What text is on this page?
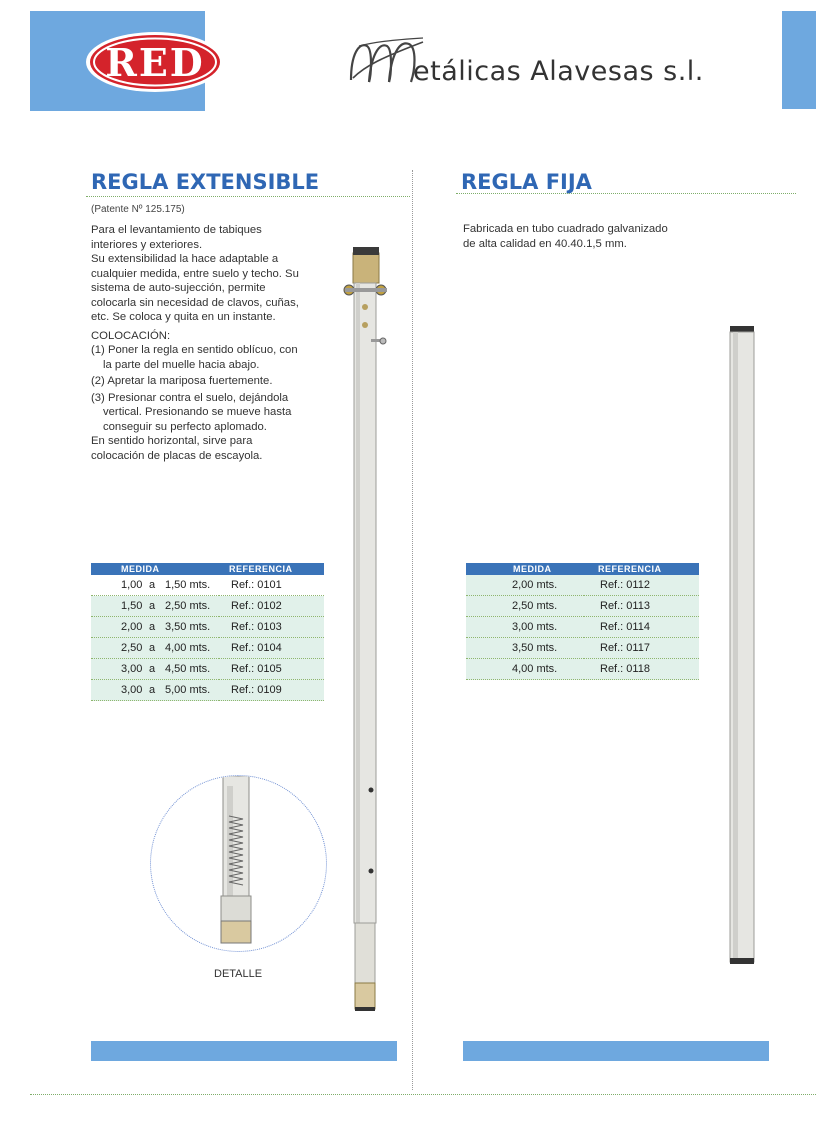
RED	etálicas Alavesas s.l.
REGLA EXTENSIBLE
(Patente Nº 125.175)

Para el levantamiento de tabiques interiores y exteriores.

Su extensibilidad la hace adaptable a cualquier medida, entre suelo y techo. Su sistema de auto-sujección, permite colocarla sin necesidad de clavos, cuñas, etc. Se coloca y quita en un instante.

COLOCACIÓN:

(1) Poner la regla en sentido oblícuo, con la parte del muelle hacia abajo.

(2) Apretar la mariposa fuertemente.

(3) Presionar contra el suelo, dejándola vertical. Presionando se mueve hasta conseguir su perfecto aplomado.

En sentido horizontal, sirve para colocación de placas de escayola.

MEDIDA	REFERENCIA
1,00 a 1,50 mts.	Ref.: 0101
1,50 a 2,50 mts.	Ref.: 0102
2,00 a 3,50 mts.	Ref.: 0103
2,50 a 4,00 mts.	Ref.: 0104
3,00 a 4,50 mts.	Ref.: 0105
3,00 a 5,00 mts.	Ref.: 0109
DETALLE
REGLA FIJA
Fabricada en tubo cuadrado galvanizado de alta calidad en 40.40.1,5 mm.
MEDIDA	REFERENCIA
2,00 mts.	Ref.: 0112
2,50 mts.	Ref.: 0113
3,00 mts.	Ref.: 0114
3,50 mts.	Ref.: 0117
4,00 mts.	Ref.: 0118
